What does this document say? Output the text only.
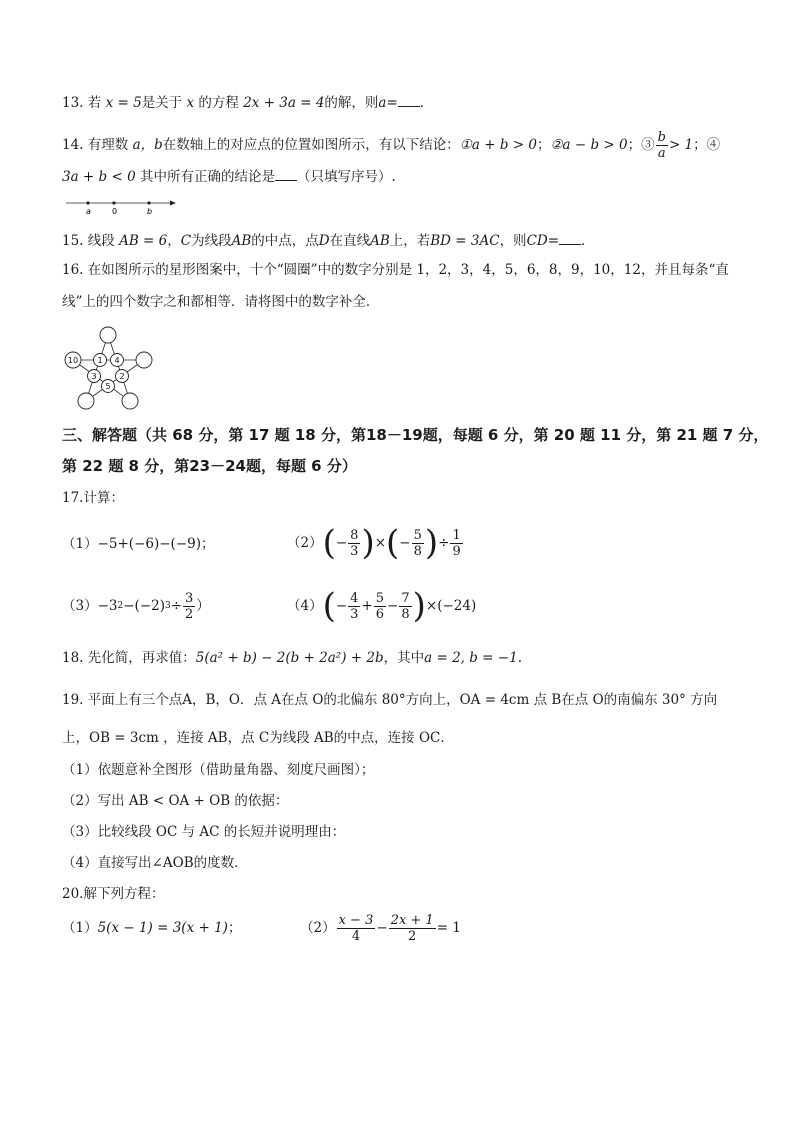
13. 若 x = 5是关于 x 的方程 2x + 3a = 4的解，则a= ．
14. 有理数 a，b在数轴上的对应点的位置如图所示，有以下结论：①a + b > 0；②a − b > 0；③ $\frac{b}{a} > 1$；④
3a + b < 0 其中所有正确的结论是 （只填写序号）.
a	0	b
15. 线段 AB = 6，C为线段AB的中点，点D在直线AB上，若BD = 3AC，则CD= ．
16. 在如图所示的星形图案中，十个“圆圈”中的数字分别是 1，2，3，4，5，6，8，9，10，12，并且每条“直
线”上的四个数字之和都相等．请将图中的数字补全．
10 1 4
3	2
5
三、解答题（共 68 分，第 17 题 18 分，第18－19题，每题 6 分，第 20 题 11 分，第 21 题 7 分，
第 22 题 8 分，第23－24题，每题 6 分）
17.计算：
（1）−5+(−6)−(−9)；	（2） ( − $\frac{8}{3}$ ) × ( − $\frac{5}{8}$ ) ÷ $\frac{1}{9}$
（3） −3 2 −(−2) $3 \div \frac{3}{2}$ ）	（4） ( − $\frac{4}{3} + \frac{5}{6} - \frac{7}{8}$ ) ×(−24)
18. 先化简，再求值：5(a² + b) − 2(b + 2a²) + 2b，其中a = 2, b = −1.
19. 平面上有三个点A，B，O．点 A在点 O的北偏东 80°方向上，OA = 4cm 点 B在点 O的南偏东 30° 方向
上，OB = 3cm ，连接 AB，点 C为线段 AB的中点，连接 OC．
（1）依题意补全图形（借助量角器、刻度尺画图）；
（2）写出 AB < OA + OB 的依据：
（3）比较线段 OC 与 AC 的长短并说明理由：
（4）直接写出∠AOB的度数．
20.解下列方程：
（1）5(x − 1) = 3(x + 1)；	$(2) \frac{x - 3}{4} - \frac{2x + 1}{2} = 1$
